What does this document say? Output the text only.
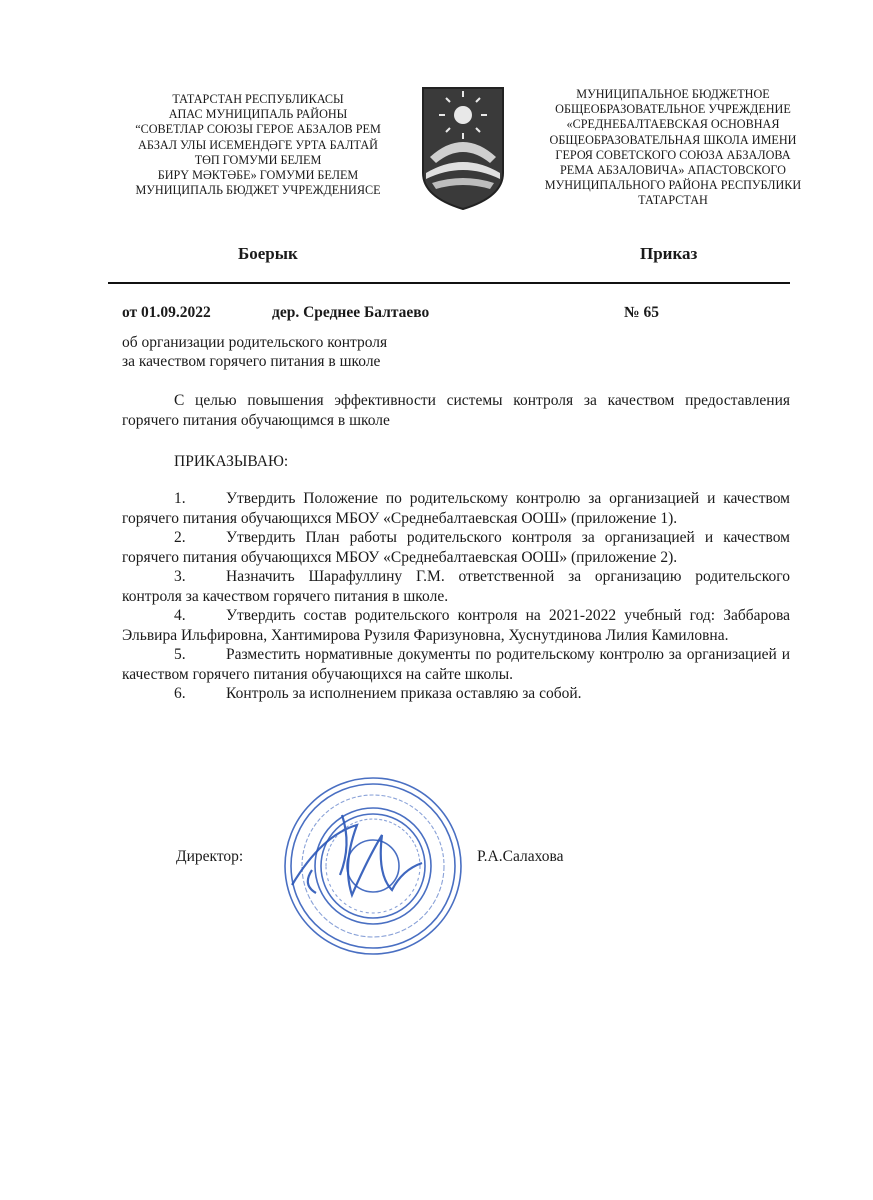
ТАТАРСТАН РЕСПУБЛИКАСЫ
АПАС МУНИЦИПАЛЬ РАЙОНЫ
“СОВЕТЛАР СОЮЗЫ ГЕРОЕ АБЗАЛОВ РЕМ
АБЗАЛ УЛЫ ИСЕМЕНДӘГЕ УРТА БАЛТАЙ
ТӨП ГОМУМИ БЕЛЕМ
БИРҮ МӘКТӘБЕ» ГОМУМИ БЕЛЕМ
МУНИЦИПАЛЬ БЮДЖЕТ УЧРЕЖДЕНИЯСЕ
МУНИЦИПАЛЬНОЕ БЮДЖЕТНОЕ
ОБЩЕОБРАЗОВАТЕЛЬНОЕ УЧРЕЖДЕНИЕ
«СРЕДНЕБАЛТАЕВСКАЯ ОСНОВНАЯ
ОБЩЕОБРАЗОВАТЕЛЬНАЯ ШКОЛА ИМЕНИ
ГЕРОЯ СОВЕТСКОГО СОЮЗА АБЗАЛОВА
РЕМА АБЗАЛОВИЧА» АПАСТОВСКОГО
МУНИЦИПАЛЬНОГО РАЙОНА РЕСПУБЛИКИ
ТАТАРСТАН
Боерык	Приказ
от 01.09.2022	дер. Среднее Балтаево	№ 65
об организации родительского контроля
за качеством горячего питания в школе
С целью повышения эффективности системы контроля за качеством предоставления горячего питания обучающимся в школе
ПРИКАЗЫВАЮ:
1.	Утвердить Положение по родительскому контролю за организацией и качеством горячего питания обучающихся МБОУ «Среднебалтаевская ООШ» (приложение 1).
2.	Утвердить План работы родительского контроля за организацией и качеством горячего питания обучающихся МБОУ «Среднебалтаевская ООШ» (приложение 2).
3.	Назначить Шарафуллину Г.М. ответственной за организацию родительского контроля за качеством горячего питания в школе.
4.	Утвердить состав родительского контроля на 2021-2022 учебный год: Заббарова Эльвира Ильфировна, Хантимирова Рузиля Фаризуновна, Хуснутдинова Лилия Камиловна.
5.	Разместить нормативные документы по родительскому контролю за организацией и качеством горячего питания обучающихся на сайте школы.
6.	Контроль за исполнением приказа оставляю за собой.
Директор:	Р.А.Салахова
